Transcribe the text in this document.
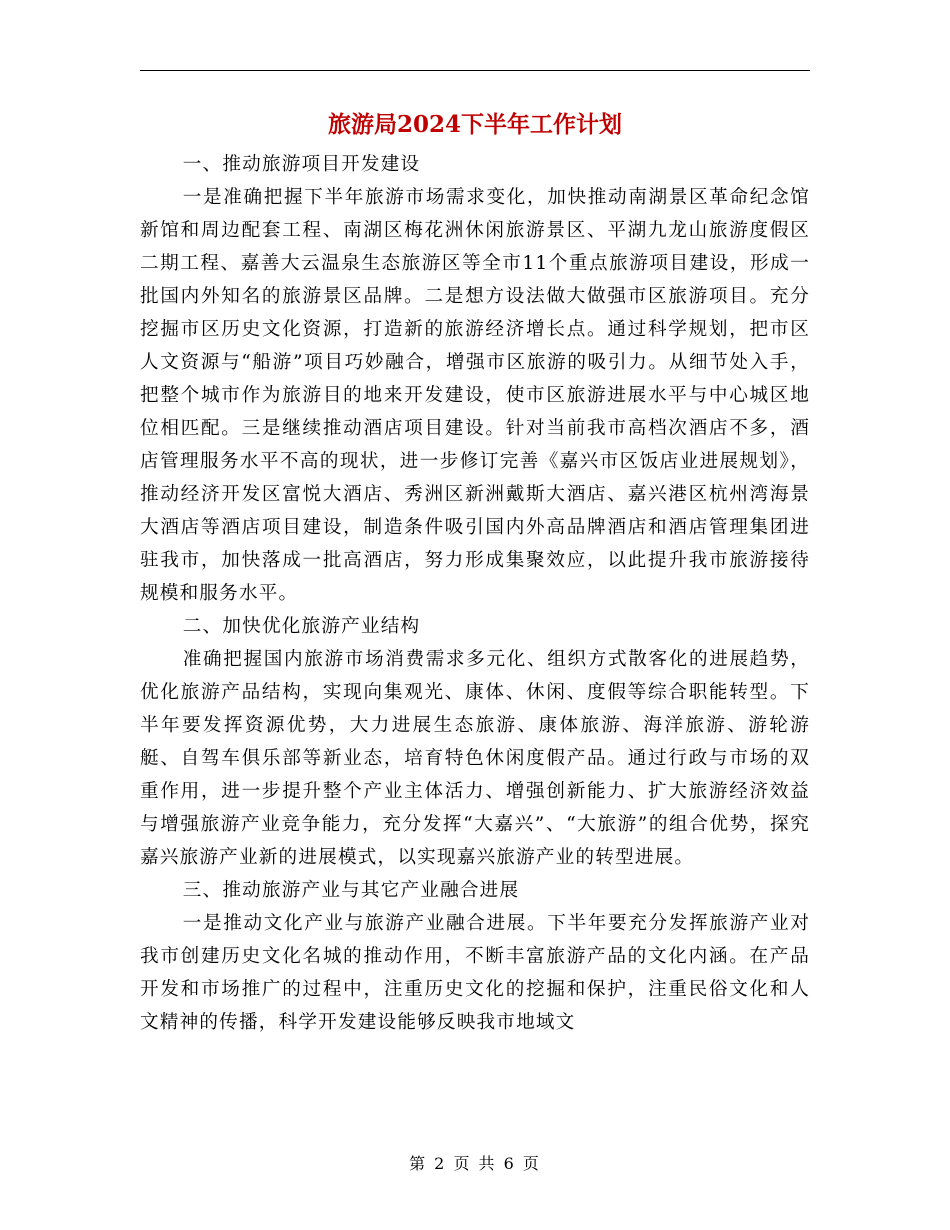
旅游局2024下半年工作计划

一、推动旅游项目开发建设

一是准确把握下半年旅游市场需求变化，加快推动南湖景区革命纪念馆新馆和周边配套工程、南湖区梅花洲休闲旅游景区、平湖九龙山旅游度假区二期工程、嘉善大云温泉生态旅游区等全市11个重点旅游项目建设，形成一批国内外知名的旅游景区品牌。二是想方设法做大做强市区旅游项目。充分挖掘市区历史文化资源，打造新的旅游经济增长点。通过科学规划，把市区人文资源与“船游”项目巧妙融合，增强市区旅游的吸引力。从细节处入手，把整个城市作为旅游目的地来开发建设，使市区旅游进展水平与中心城区地位相匹配。三是继续推动酒店项目建设。针对当前我市高档次酒店不多，酒店管理服务水平不高的现状，进一步修订完善《嘉兴市区饭店业进展规划》，推动经济开发区富悦大酒店、秀洲区新洲戴斯大酒店、嘉兴港区杭州湾海景大酒店等酒店项目建设，制造条件吸引国内外高品牌酒店和酒店管理集团进驻我市，加快落成一批高酒店，努力形成集聚效应，以此提升我市旅游接待规模和服务水平。

二、加快优化旅游产业结构

准确把握国内旅游市场消费需求多元化、组织方式散客化的进展趋势，优化旅游产品结构，实现向集观光、康体、休闲、度假等综合职能转型。下半年要发挥资源优势，大力进展生态旅游、康体旅游、海洋旅游、游轮游艇、自驾车俱乐部等新业态，培育特色休闲度假产品。通过行政与市场的双重作用，进一步提升整个产业主体活力、增强创新能力、扩大旅游经济效益与增强旅游产业竞争能力，充分发挥“大嘉兴”、“大旅游”的组合优势，探究嘉兴旅游产业新的进展模式，以实现嘉兴旅游产业的转型进展。

三、推动旅游产业与其它产业融合进展

一是推动文化产业与旅游产业融合进展。下半年要充分发挥旅游产业对我市创建历史文化名城的推动作用，不断丰富旅游产品的文化内涵。在产品开发和市场推广的过程中，注重历史文化的挖掘和保护，注重民俗文化和人文精神的传播，科学开发建设能够反映我市地域文

第 2 页 共 6 页
